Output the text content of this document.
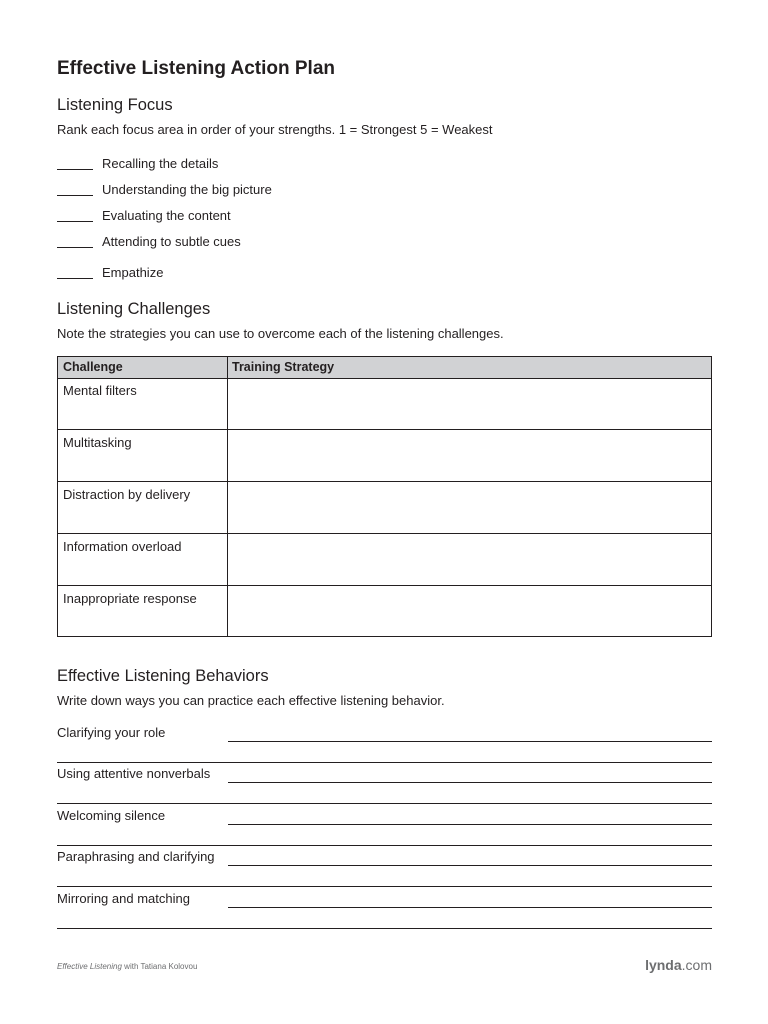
Effective Listening Action Plan
Listening Focus
Rank each focus area in order of your strengths. 1 = Strongest 5 = Weakest
Recalling the details
Understanding the big picture
Evaluating the content
Attending to subtle cues
Empathize
Listening Challenges
Note the strategies you can use to overcome each of the listening challenges.
Challenge	Training Strategy
Mental filters
Multitasking
Distraction by delivery
Information overload
Inappropriate response
Effective Listening Behaviors
Write down ways you can practice each effective listening behavior.
Clarifying your role
Using attentive nonverbals
Welcoming silence
Paraphrasing and clarifying
Mirroring and matching
Effective Listening with Tatiana Kolovou	lynda.com
